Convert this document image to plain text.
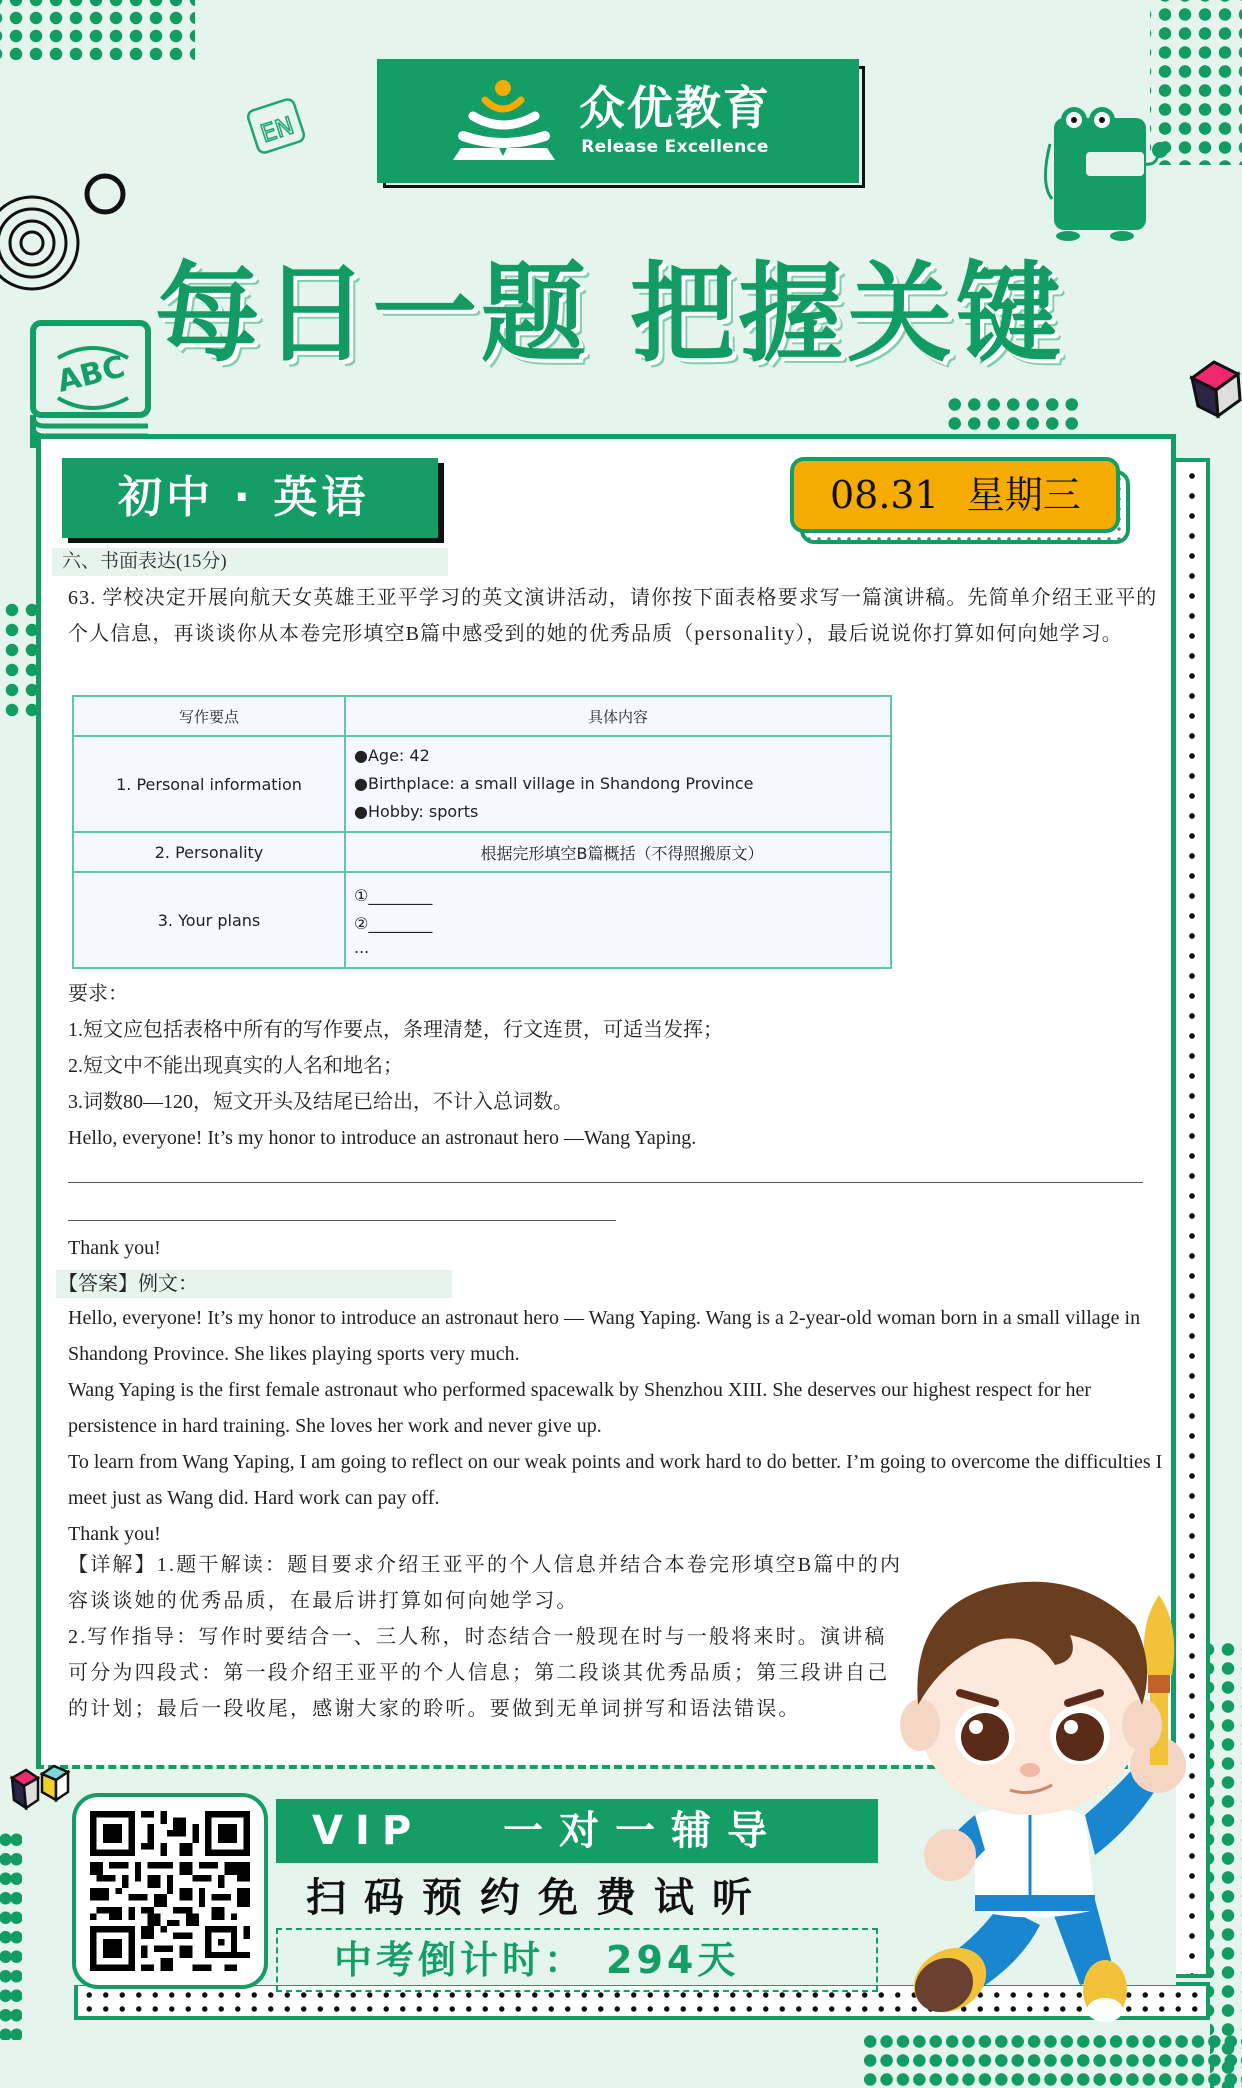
EN
ABC
众优教育
Release Excellence
每日一题 把握关键
初中 · 英语	08.31 星期三
六、书面表达(15分)
63. 学校决定开展向航天女英雄王亚平学习的英文演讲活动，请你按下面表格要求写一篇演讲稿。先简单介绍王亚平的个人信息，再谈谈你从本卷完形填空B篇中感受到的她的优秀品质（personality），最后说说你打算如何向她学习。
写作要点	具体内容
1. Personal information	●Age: 42
●Birthplace: a small village in Shandong Province
●Hobby: sports

2. Personality	根据完形填空B篇概括（不得照搬原文）
3. Your plans	①________
②________
...
要求：
1.短文应包括表格中所有的写作要点，条理清楚，行文连贯，可适当发挥；
2.短文中不能出现真实的人名和地名；
3.词数80—120，短文开头及结尾已给出，不计入总词数。
Hello, everyone! It’s my honor to introduce an astronaut hero —Wang Yaping.
Thank you!
【答案】例文：
Hello, everyone! It’s my honor to introduce an astronaut hero — Wang Yaping. Wang is a 2-year-old woman born in a small village in Shandong Province. She likes playing sports very much.
Wang Yaping is the first female astronaut who performed spacewalk by Shenzhou XIII. She deserves our highest respect for her persistence in hard training. She loves her work and never give up.
To learn from Wang Yaping, I am going to reflect on our weak points and work hard to do better. I’m going to overcome the difficulties I meet just as Wang did. Hard work can pay off.
Thank you!
【详解】1.题干解读：题目要求介绍王亚平的个人信息并结合本卷完形填空B篇中的内容谈谈她的优秀品质，在最后讲打算如何向她学习。
2.写作指导：写作时要结合一、三人称，时态结合一般现在时与一般将来时。演讲稿可分为四段式：第一段介绍王亚平的个人信息；第二段谈其优秀品质；第三段讲自己的计划；最后一段收尾，感谢大家的聆听。要做到无单词拼写和语法错误。
VIP 一对一辅导
扫码预约免费试听
中考倒计时： 294天
